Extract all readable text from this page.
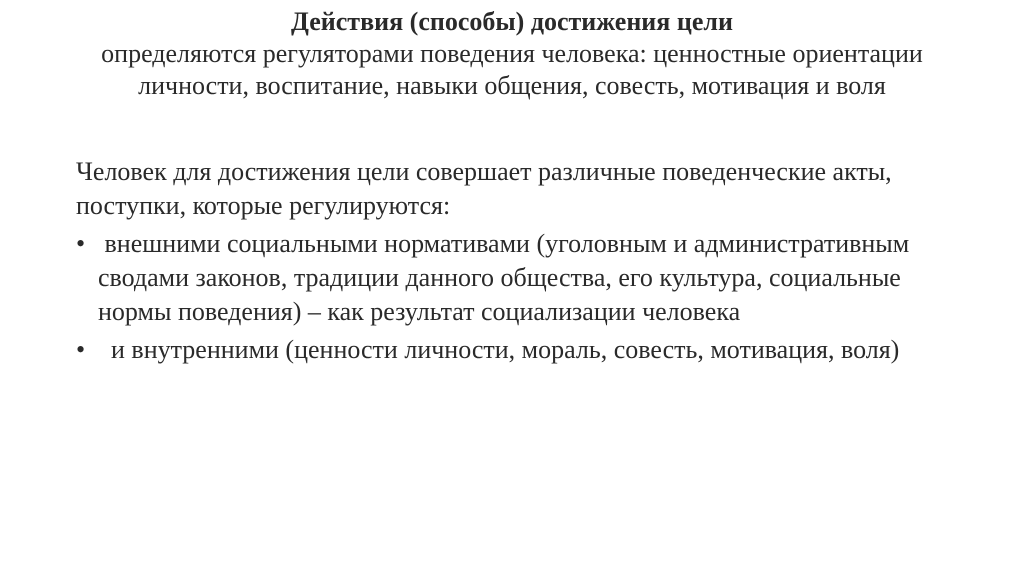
Действия (способы) достижения цели
определяются регуляторами поведения человека: ценностные ориентации личности, воспитание, навыки общения, совесть, мотивация и воля

Человек для достижения цели совершает различные поведенческие акты, поступки, которые регулируются:

• внешними социальными нормативами (уголовным и административным сводами законов, традиции данного общества, его культура, социальные нормы поведения) – как результат социализации человека
• и внутренними (ценности личности, мораль, совесть, мотивация, воля)
